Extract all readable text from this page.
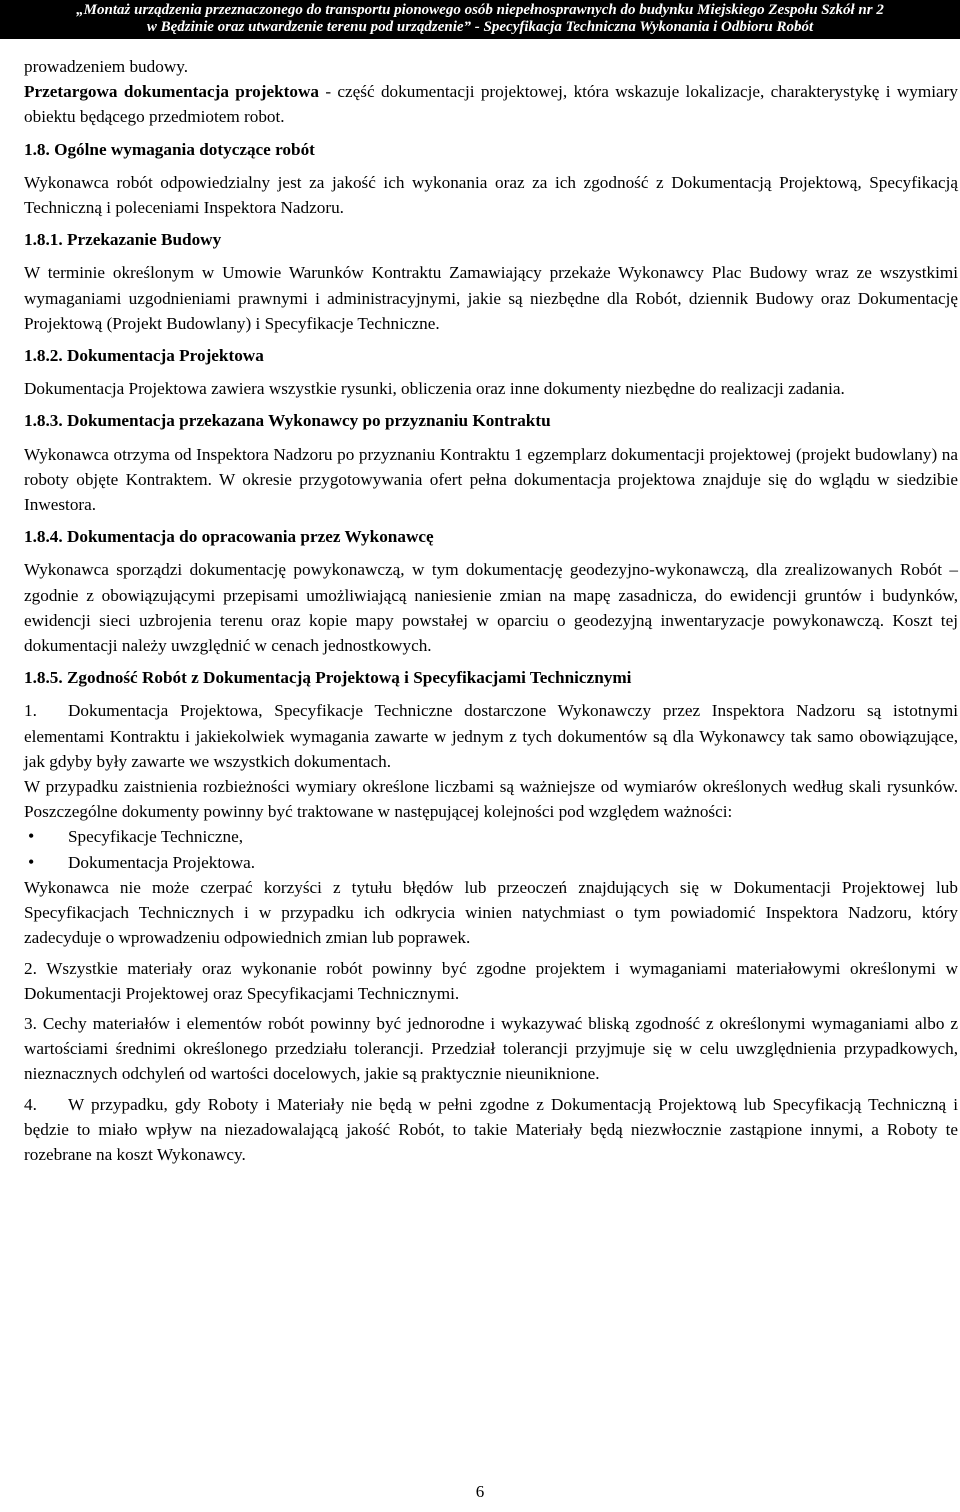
„Montaż urządzenia przeznaczonego do transportu pionowego osób niepełnosprawnych do budynku Miejskiego Zespołu Szkół nr 2
w Będzinie oraz utwardzenie terenu pod urządzenie” - Specyfikacja Techniczna Wykonania i Odbioru Robót

prowadzeniem budowy.

Przetargowa dokumentacja projektowa - część dokumentacji projektowej, która wskazuje lokalizacje, charakterystykę i wymiary obiektu będącego przedmiotem robot.

1.8. Ogólne wymagania dotyczące robót

Wykonawca robót odpowiedzialny jest za jakość ich wykonania oraz za ich zgodność z Dokumentacją Projektową, Specyfikacją Techniczną i poleceniami Inspektora Nadzoru.

1.8.1. Przekazanie Budowy

W terminie określonym w Umowie Warunków Kontraktu Zamawiający przekaże Wykonawcy Plac Budowy wraz ze wszystkimi wymaganiami uzgodnieniami prawnymi i administracyjnymi, jakie są niezbędne dla Robót, dziennik Budowy oraz Dokumentację Projektową (Projekt Budowlany) i Specyfikacje Techniczne.

1.8.2. Dokumentacja Projektowa

Dokumentacja Projektowa zawiera wszystkie rysunki, obliczenia oraz inne dokumenty niezbędne do realizacji zadania.

1.8.3. Dokumentacja przekazana Wykonawcy po przyznaniu Kontraktu

Wykonawca otrzyma od Inspektora Nadzoru po przyznaniu Kontraktu 1 egzemplarz dokumentacji projektowej (projekt budowlany) na roboty objęte Kontraktem. W okresie przygotowywania ofert pełna dokumentacja projektowa znajduje się do wglądu w siedzibie Inwestora.

1.8.4. Dokumentacja do opracowania przez Wykonawcę

Wykonawca sporządzi dokumentację powykonawczą, w tym dokumentację geodezyjno-wykonawczą, dla zrealizowanych Robót – zgodnie z obowiązującymi przepisami umożliwiającą naniesienie zmian na mapę zasadnicza, do ewidencji gruntów i budynków, ewidencji sieci uzbrojenia terenu oraz kopie mapy powstałej w oparciu o geodezyjną inwentaryzacje powykonawczą. Koszt tej dokumentacji należy uwzględnić w cenach jednostkowych.

1.8.5. Zgodność Robót z Dokumentacją Projektową i Specyfikacjami Technicznymi

1. Dokumentacja Projektowa, Specyfikacje Techniczne dostarczone Wykonawczy przez Inspektora Nadzoru są istotnymi elementami Kontraktu i jakiekolwiek wymagania zawarte w jednym z tych dokumentów są dla Wykonawcy tak samo obowiązujące, jak gdyby były zawarte we wszystkich dokumentach.

W przypadku zaistnienia rozbieżności wymiary określone liczbami są ważniejsze od wymiarów określonych według skali rysunków. Poszczególne dokumenty powinny być traktowane w następującej kolejności pod względem ważności:

• Specyfikacje Techniczne,
• Dokumentacja Projektowa.

Wykonawca nie może czerpać korzyści z tytułu błędów lub przeoczeń znajdujących się w Dokumentacji Projektowej lub Specyfikacjach Technicznych i w przypadku ich odkrycia winien natychmiast o tym powiadomić Inspektora Nadzoru, który zadecyduje o wprowadzeniu odpowiednich zmian lub poprawek.

2. Wszystkie materiały oraz wykonanie robót powinny być zgodne projektem i wymaganiami materiałowymi określonymi w Dokumentacji Projektowej oraz Specyfikacjami Technicznymi.

3. Cechy materiałów i elementów robót powinny być jednorodne i wykazywać bliską zgodność z określonymi wymaganiami albo z wartościami średnimi określonego przedziału tolerancji. Przedział tolerancji przyjmuje się w celu uwzględnienia przypadkowych, nieznacznych odchyleń od wartości docelowych, jakie są praktycznie nieuniknione.

4. W przypadku, gdy Roboty i Materiały nie będą w pełni zgodne z Dokumentacją Projektową lub Specyfikacją Techniczną i będzie to miało wpływ na niezadowalającą jakość Robót, to takie Materiały będą niezwłocznie zastąpione innymi, a Roboty te rozebrane na koszt Wykonawcy.

6
